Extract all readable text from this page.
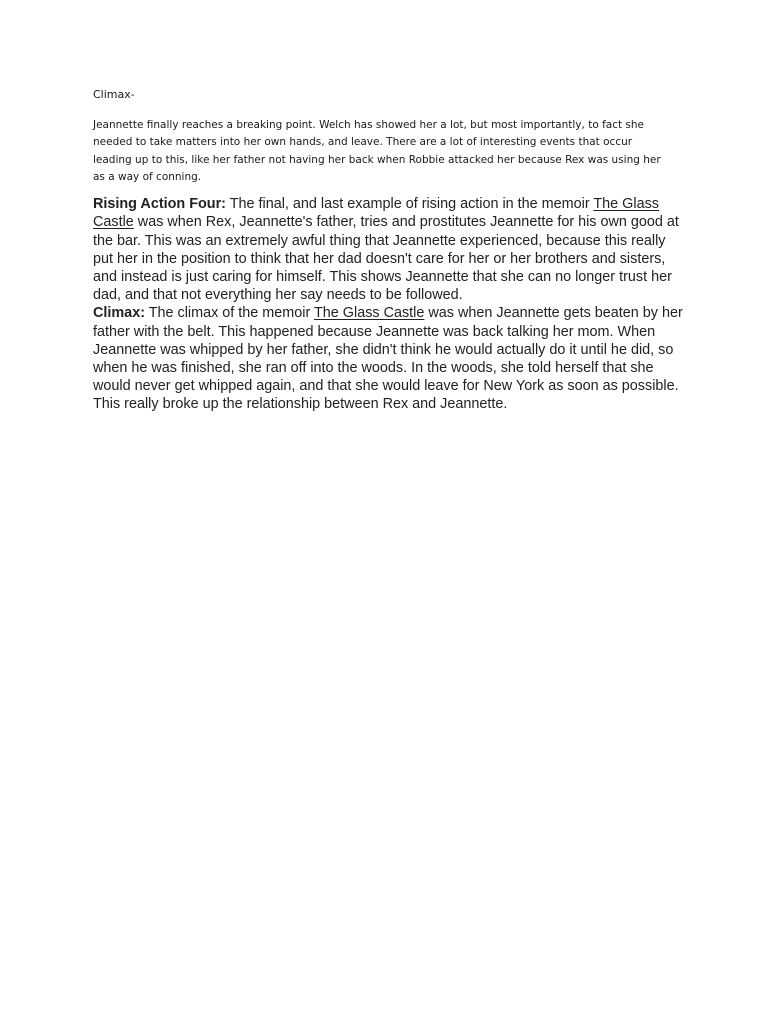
Climax-

Jeannette finally reaches a breaking point. Welch has showed her a lot, but most importantly, to fact she needed to take matters into her own hands, and leave. There are a lot of interesting events that occur leading up to this, like her father not having her back when Robbie attacked her because Rex was using her as a way of conning.

Rising Action Four: The final, and last example of rising action in the memoir The Glass Castle was when Rex, Jeannette's father, tries and prostitutes Jeannette for his own good at the bar. This was an extremely awful thing that Jeannette experienced, because this really put her in the position to think that her dad doesn't care for her or her brothers and sisters, and instead is just caring for himself. This shows Jeannette that she can no longer trust her dad, and that not everything her say needs to be followed.

Climax: The climax of the memoir The Glass Castle was when Jeannette gets beaten by her father with the belt. This happened because Jeannette was back talking her mom. When Jeannette was whipped by her father, she didn't think he would actually do it until he did, so when he was finished, she ran off into the woods. In the woods, she told herself that she would never get whipped again, and that she would leave for New York as soon as possible. This really broke up the relationship between Rex and Jeannette.
